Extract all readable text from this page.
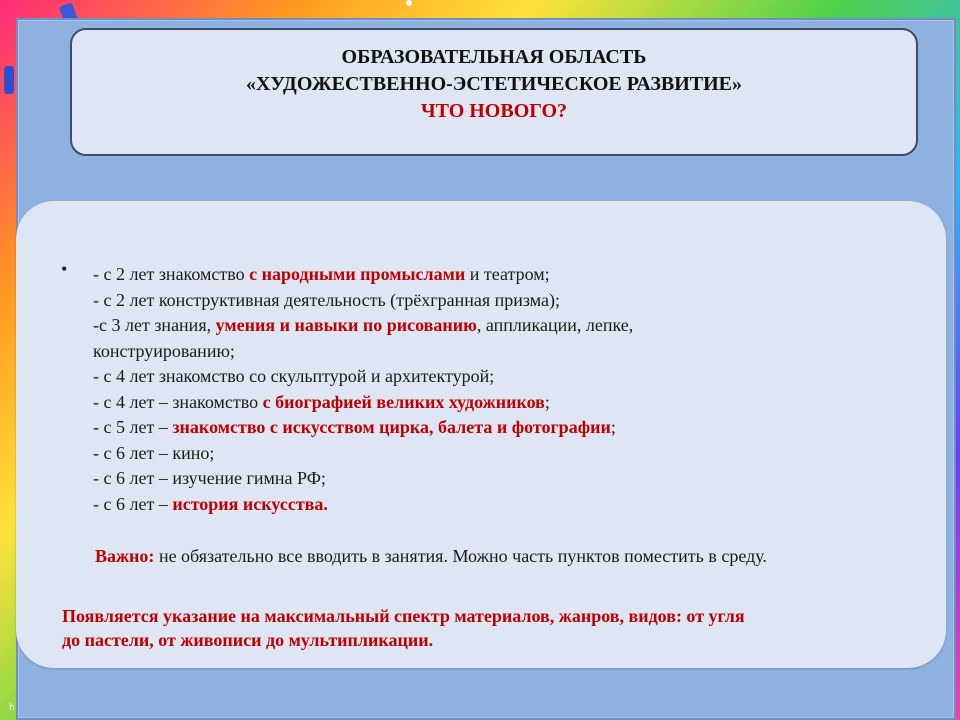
ОБРАЗОВАТЕЛЬНАЯ ОБЛАСТЬ
«ХУДОЖЕСТВЕННО-ЭСТЕТИЧЕСКОЕ РАЗВИТИЕ»
ЧТО НОВОГО?
• - с 2 лет знакомство с народными промыслами и театром;
- с 2 лет конструктивная деятельность (трёхгранная призма);
-с 3 лет знания, умения и навыки по рисованию, аппликации, лепке,
конструированию;
- с 4 лет знакомство со скульптурой и архитектурой;
- с 4 лет – знакомство с биографией великих художников;
- с 5 лет – знакомство с искусством цирка, балета и фотографии;
- с 6 лет – кино;
- с 6 лет – изучение гимна РФ;
- с 6 лет – история искусства.
Важно: не обязательно все вводить в занятия. Можно часть пунктов поместить в среду.
Появляется указание на максимальный спектр материалов, жанров, видов: от угля
до пастели, от живописи до мультипликации.
h
